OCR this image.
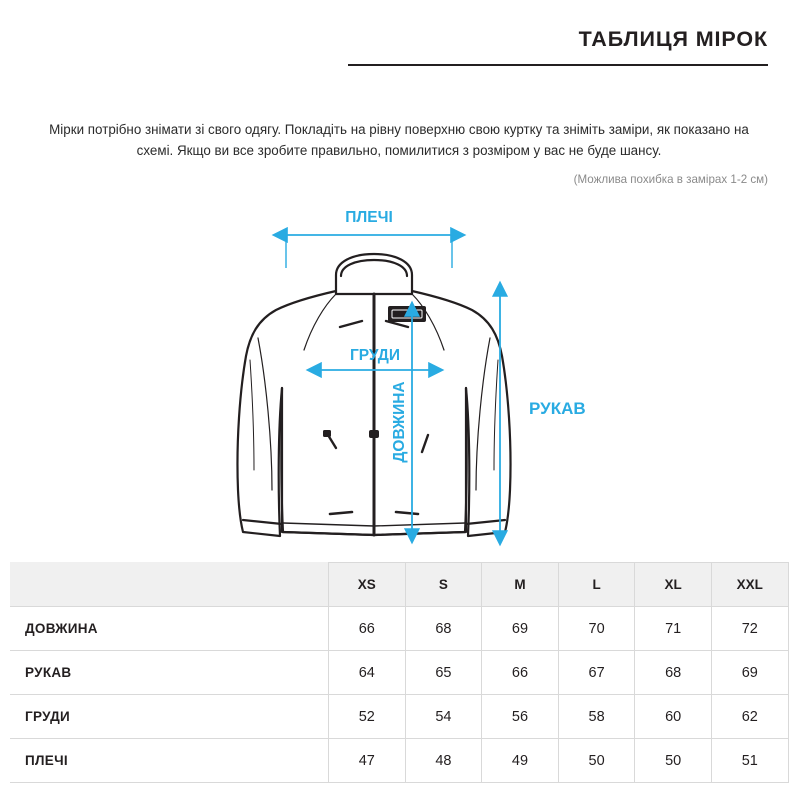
ТАБЛИЦЯ МІРОК
Мірки потрібно знімати зі свого одягу. Покладіть на рівну поверхню свою куртку та зніміть заміри, як показано на схемі. Якщо ви все зробите правильно, помилитися з розміром у вас не буде шансу.
(Можлива похибка в замірах 1-2 см)
ПЛЕЧІ
ГРУДИ
ДОВЖИНА	РУКАВ
	XS	S	M	L	XL	XXL
ДОВЖИНА	66	68	69	70	71	72
РУКАВ	64	65	66	67	68	69
ГРУДИ	52	54	56	58	60	62
ПЛЕЧІ	47	48	49	50	50	51
